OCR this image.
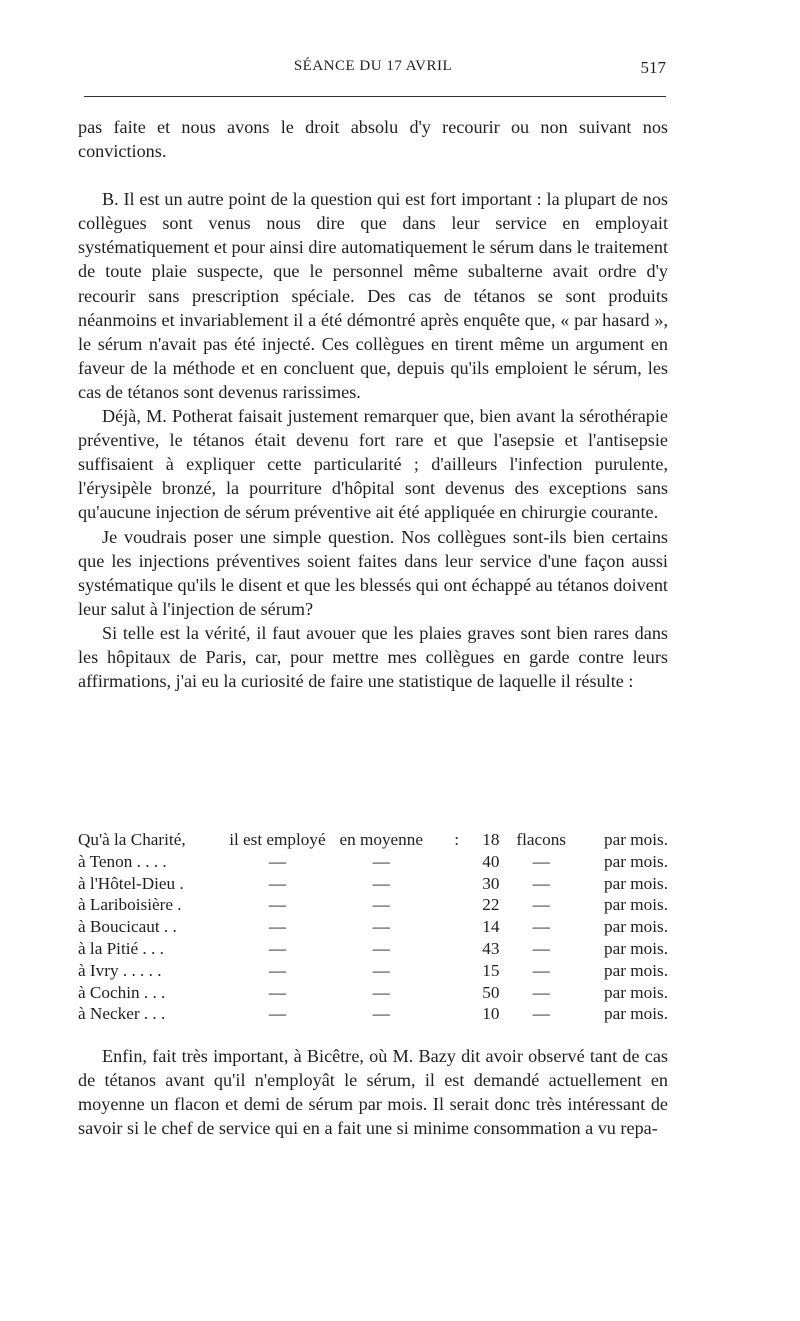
SÉANCE DU 17 AVRIL	517

pas faite et nous avons le droit absolu d'y recourir ou non suivant nos convictions.

B. Il est un autre point de la question qui est fort important : la plupart de nos collègues sont venus nous dire que dans leur service en employait systématiquement et pour ainsi dire automatiquement le sérum dans le traitement de toute plaie suspecte, que le personnel même subalterne avait ordre d'y recourir sans prescription spéciale. Des cas de tétanos se sont produits néanmoins et invariablement il a été démontré après enquête que, « par hasard », le sérum n'avait pas été injecté. Ces collègues en tirent même un argument en faveur de la méthode et en concluent que, depuis qu'ils emploient le sérum, les cas de tétanos sont devenus rarissimes.

Déjà, M. Potherat faisait justement remarquer que, bien avant la sérothérapie préventive, le tétanos était devenu fort rare et que l'asepsie et l'antisepsie suffisaient à expliquer cette particularité ; d'ailleurs l'infection purulente, l'érysipèle bronzé, la pourriture d'hôpital sont devenus des exceptions sans qu'aucune injection de sérum préventive ait été appliquée en chirurgie courante.

Je voudrais poser une simple question. Nos collègues sont-ils bien certains que les injections préventives soient faites dans leur service d'une façon aussi systématique qu'ils le disent et que les blessés qui ont échappé au tétanos doivent leur salut à l'injection de sérum?

Si telle est la vérité, il faut avouer que les plaies graves sont bien rares dans les hôpitaux de Paris, car, pour mettre mes collègues en garde contre leurs affirmations, j'ai eu la curiosité de faire une statistique de laquelle il résulte :

Qu'à la Charité,	il est employé	en moyenne	:	18	flacons	par mois.
à Tenon . . . .	—	—		40	—	par mois.
à l'Hôtel-Dieu .	—	—		30	—	par mois.
à Lariboisière .	—	—		22	—	par mois.
à Boucicaut . .	—	—		14	—	par mois.
à la Pitié . . .	—	—		43	—	par mois.
à Ivry . . . . .	—	—		15	—	par mois.
à Cochin . . .	—	—		50	—	par mois.
à Necker . . .	—	—		10	—	par mois.

Enfin, fait très important, à Bicêtre, où M. Bazy dit avoir observé tant de cas de tétanos avant qu'il n'employât le sérum, il est demandé actuellement en moyenne un flacon et demi de sérum par mois. Il serait donc très intéressant de savoir si le chef de service qui en a fait une si minime consommation a vu repa-
